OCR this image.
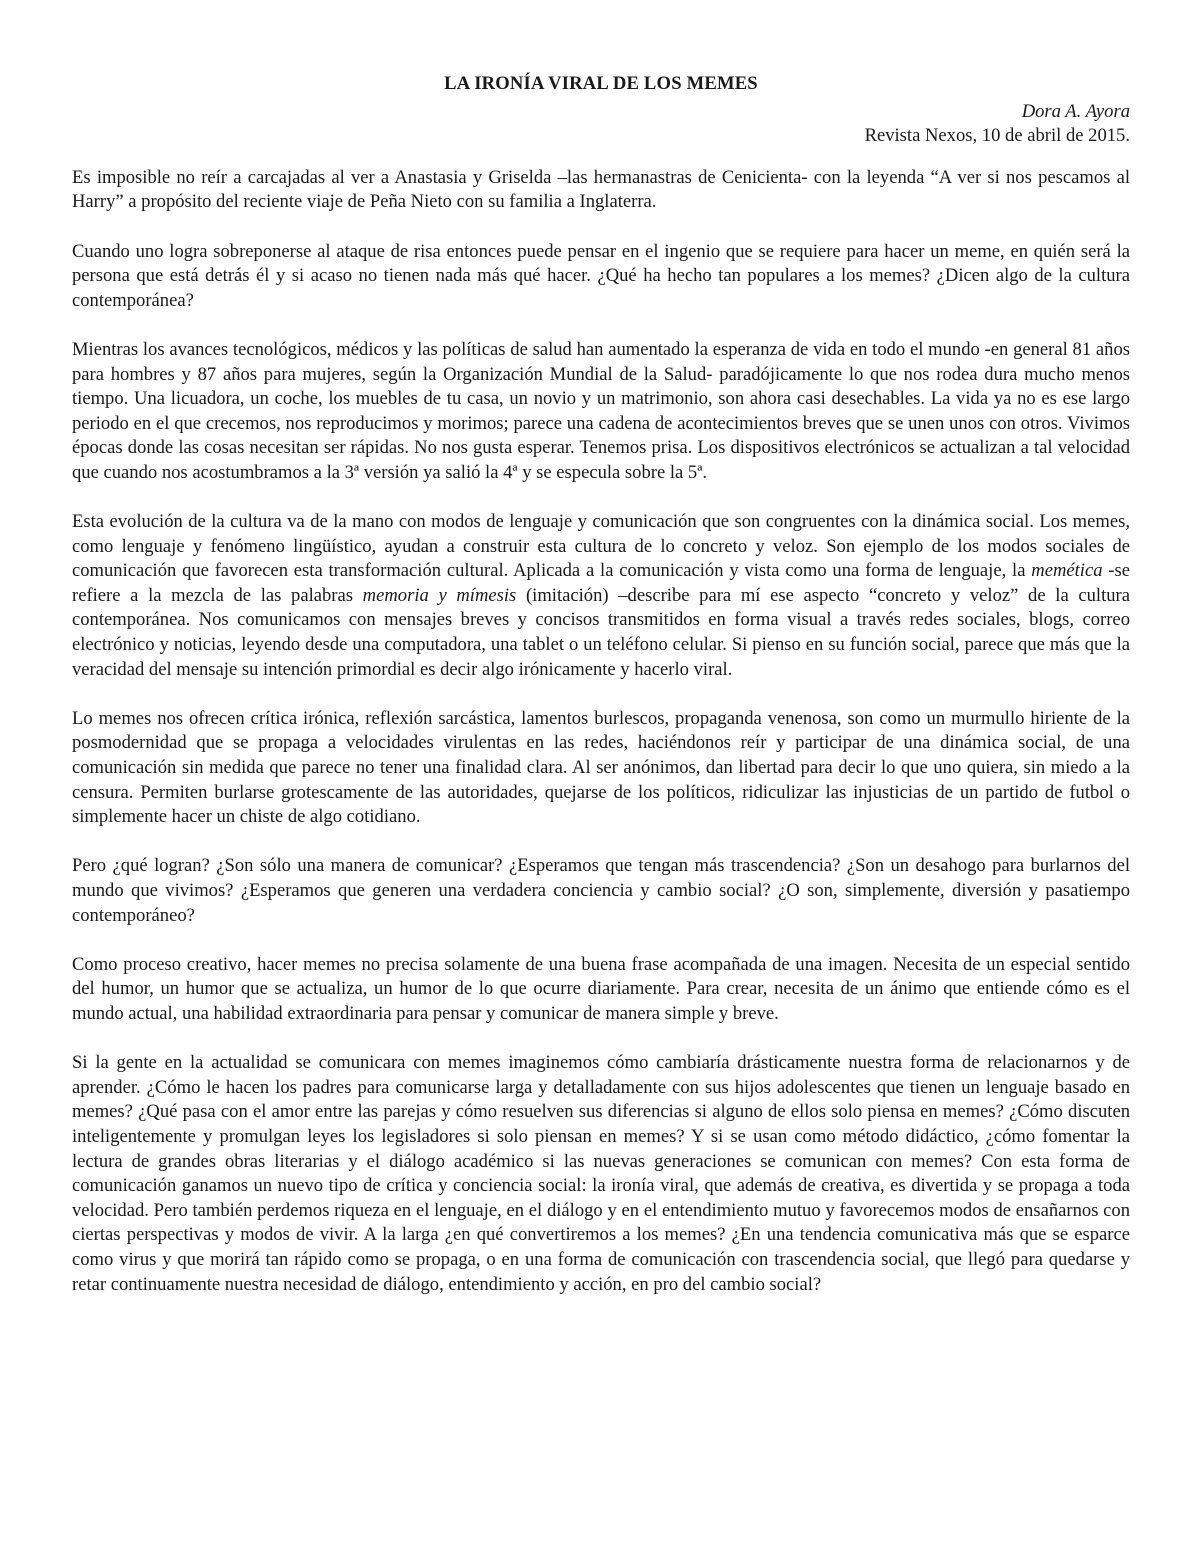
LA IRONÍA VIRAL DE LOS MEMES

Dora A. Ayora

Revista Nexos, 10 de abril de 2015.

Es imposible no reír a carcajadas al ver a Anastasia y Griselda –las hermanastras de Cenicienta- con la leyenda “A ver si nos pescamos al Harry” a propósito del reciente viaje de Peña Nieto con su familia a Inglaterra.

Cuando uno logra sobreponerse al ataque de risa entonces puede pensar en el ingenio que se requiere para hacer un meme, en quién será la persona que está detrás él y si acaso no tienen nada más qué hacer. ¿Qué ha hecho tan populares a los memes? ¿Dicen algo de la cultura contemporánea?

Mientras los avances tecnológicos, médicos y las políticas de salud han aumentado la esperanza de vida en todo el mundo -en general 81 años para hombres y 87 años para mujeres, según la Organización Mundial de la Salud- paradójicamente lo que nos rodea dura mucho menos tiempo. Una licuadora, un coche, los muebles de tu casa, un novio y un matrimonio, son ahora casi desechables. La vida ya no es ese largo periodo en el que crecemos, nos reproducimos y morimos; parece una cadena de acontecimientos breves que se unen unos con otros. Vivimos épocas donde las cosas necesitan ser rápidas. No nos gusta esperar. Tenemos prisa. Los dispositivos electrónicos se actualizan a tal velocidad que cuando nos acostumbramos a la 3ª versión ya salió la 4ª y se especula sobre la 5ª.

Esta evolución de la cultura va de la mano con modos de lenguaje y comunicación que son congruentes con la dinámica social. Los memes, como lenguaje y fenómeno lingüístico, ayudan a construir esta cultura de lo concreto y veloz. Son ejemplo de los modos sociales de comunicación que favorecen esta transformación cultural. Aplicada a la comunicación y vista como una forma de lenguaje, la memética -se refiere a la mezcla de las palabras memoria y mímesis (imitación) –describe para mí ese aspecto “concreto y veloz” de la cultura contemporánea. Nos comunicamos con mensajes breves y concisos transmitidos en forma visual a través redes sociales, blogs, correo electrónico y noticias, leyendo desde una computadora, una tablet o un teléfono celular. Si pienso en su función social, parece que más que la veracidad del mensaje su intención primordial es decir algo irónicamente y hacerlo viral.

Lo memes nos ofrecen crítica irónica, reflexión sarcástica, lamentos burlescos, propaganda venenosa, son como un murmullo hiriente de la posmodernidad que se propaga a velocidades virulentas en las redes, haciéndonos reír y participar de una dinámica social, de una comunicación sin medida que parece no tener una finalidad clara. Al ser anónimos, dan libertad para decir lo que uno quiera, sin miedo a la censura. Permiten burlarse grotescamente de las autoridades, quejarse de los políticos, ridiculizar las injusticias de un partido de futbol o simplemente hacer un chiste de algo cotidiano.

Pero ¿qué logran? ¿Son sólo una manera de comunicar? ¿Esperamos que tengan más trascendencia? ¿Son un desahogo para burlarnos del mundo que vivimos? ¿Esperamos que generen una verdadera conciencia y cambio social? ¿O son, simplemente, diversión y pasatiempo contemporáneo?

Como proceso creativo, hacer memes no precisa solamente de una buena frase acompañada de una imagen. Necesita de un especial sentido del humor, un humor que se actualiza, un humor de lo que ocurre diariamente. Para crear, necesita de un ánimo que entiende cómo es el mundo actual, una habilidad extraordinaria para pensar y comunicar de manera simple y breve.

Si la gente en la actualidad se comunicara con memes imaginemos cómo cambiaría drásticamente nuestra forma de relacionarnos y de aprender. ¿Cómo le hacen los padres para comunicarse larga y detalladamente con sus hijos adolescentes que tienen un lenguaje basado en memes? ¿Qué pasa con el amor entre las parejas y cómo resuelven sus diferencias si alguno de ellos solo piensa en memes? ¿Cómo discuten inteligentemente y promulgan leyes los legisladores si solo piensan en memes? Y si se usan como método didáctico, ¿cómo fomentar la lectura de grandes obras literarias y el diálogo académico si las nuevas generaciones se comunican con memes? Con esta forma de comunicación ganamos un nuevo tipo de crítica y conciencia social: la ironía viral, que además de creativa, es divertida y se propaga a toda velocidad. Pero también perdemos riqueza en el lenguaje, en el diálogo y en el entendimiento mutuo y favorecemos modos de ensañarnos con ciertas perspectivas y modos de vivir. A la larga ¿en qué convertiremos a los memes? ¿En una tendencia comunicativa más que se esparce como virus y que morirá tan rápido como se propaga, o en una forma de comunicación con trascendencia social, que llegó para quedarse y retar continuamente nuestra necesidad de diálogo, entendimiento y acción, en pro del cambio social?
